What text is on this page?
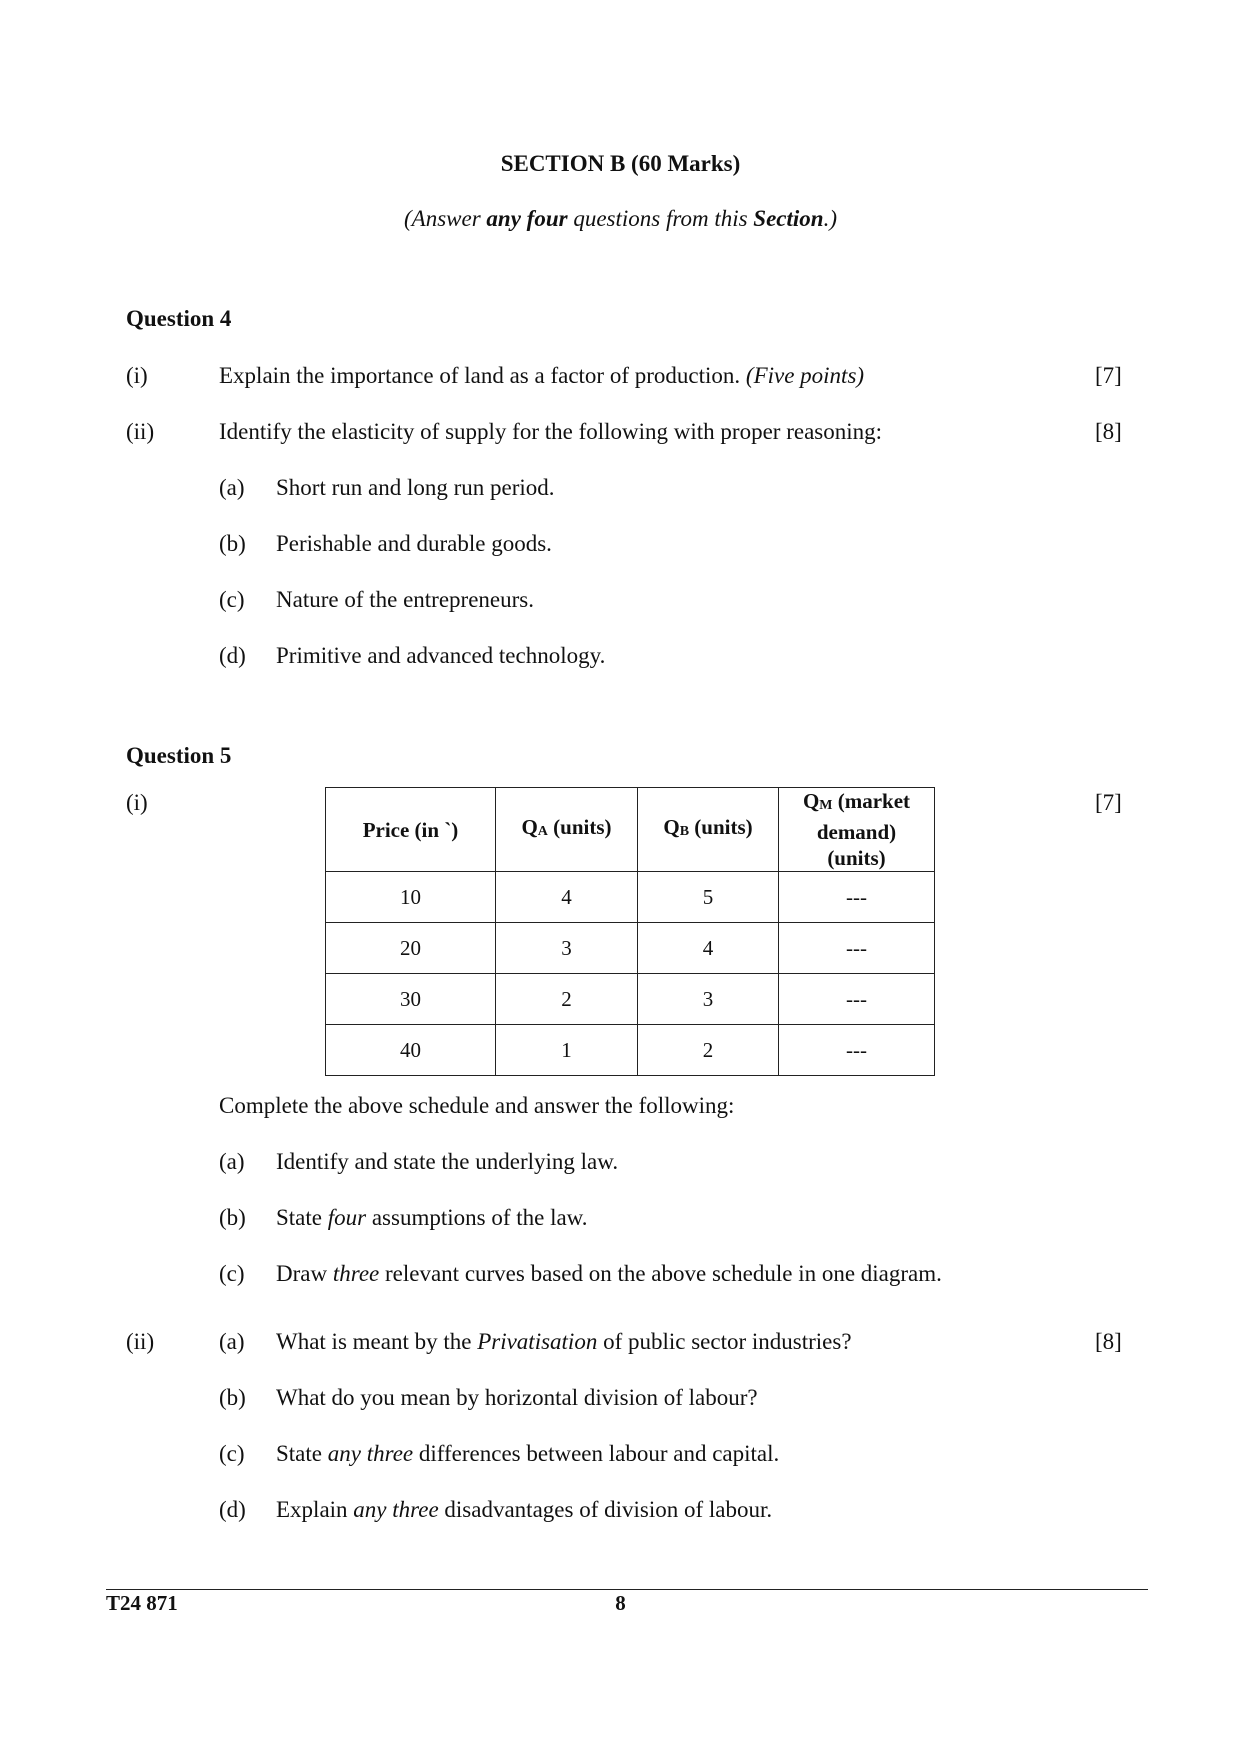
SECTION B (60 Marks)
(Answer any four questions from this Section.)
Question 4
(i)	Explain the importance of land as a factor of production. (Five points)	[7]
(ii)	Identify the elasticity of supply for the following with proper reasoning:	[8]
(a) Short run and long run period.
(b) Perishable and durable goods.
(c) Nature of the entrepreneurs.
(d) Primitive and advanced technology.
Question 5
(i)	[7]
Price (in `)	$Q_A$ (units)	$Q_B$ (units)	$Q_M$ (market
demand)
(units)
10	4	5	---
20	3	4	---
30	2	3	---
40	1	2	---
Complete the above schedule and answer the following:
(a) Identify and state the underlying law.
(b) State four assumptions of the law.
(c) Draw three relevant curves based on the above schedule in one diagram.
(ii)	[8]
(a) What is meant by the Privatisation of public sector industries?
(b) What do you mean by horizontal division of labour?
(c) State any three differences between labour and capital.
(d) Explain any three disadvantages of division of labour.
T24 871	8
